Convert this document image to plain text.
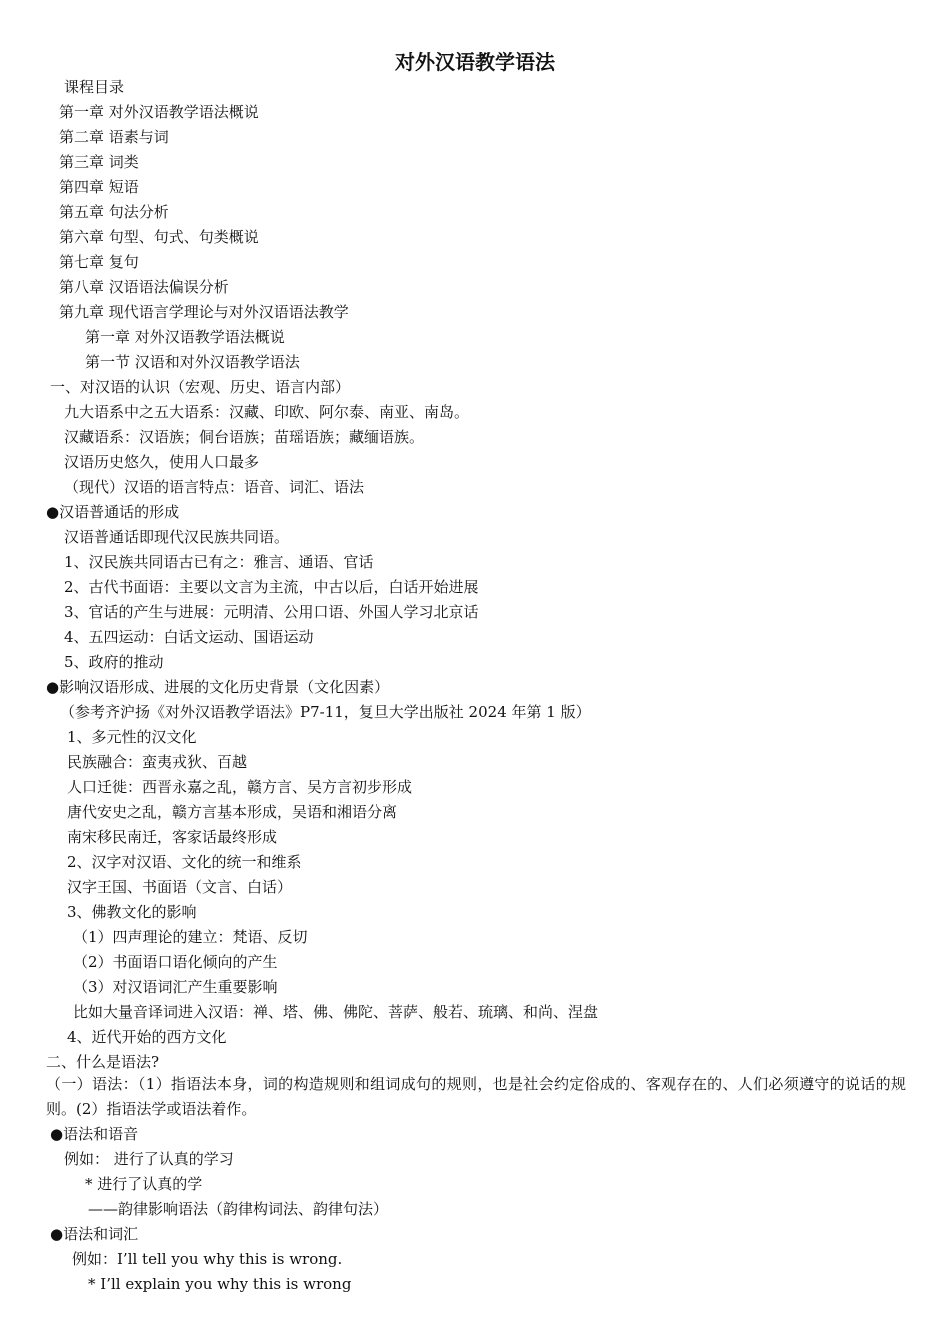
对外汉语教学语法
课程目录
第一章 对外汉语教学语法概说
第二章 语素与词
第三章 词类
第四章 短语
第五章 句法分析
第六章 句型、句式、句类概说
第七章 复句
第八章 汉语语法偏误分析
第九章 现代语言学理论与对外汉语语法教学
第一章 对外汉语教学语法概说
第一节 汉语和对外汉语教学语法
一、对汉语的认识（宏观、历史、语言内部）
九大语系中之五大语系：汉藏、印欧、阿尔泰、南亚、南岛。
汉藏语系：汉语族；侗台语族；苗瑶语族；藏缅语族。
汉语历史悠久，使用人口最多
（现代）汉语的语言特点：语音、词汇、语法
●汉语普通话的形成
汉语普通话即现代汉民族共同语。
1、汉民族共同语古已有之：雅言、通语、官话
2、古代书面语：主要以文言为主流，中古以后，白话开始进展
3、官话的产生与进展：元明清、公用口语、外国人学习北京话
4、五四运动：白话文运动、国语运动
5、政府的推动
●影响汉语形成、进展的文化历史背景（文化因素）
（参考齐沪扬《对外汉语教学语法》P7-11，复旦大学出版社 2024 年第 1 版）
1、多元性的汉文化
民族融合：蛮夷戎狄、百越
人口迁徙：西晋永嘉之乱，赣方言、吴方言初步形成
唐代安史之乱，赣方言基本形成，吴语和湘语分离
南宋移民南迁，客家话最终形成
2、汉字对汉语、文化的统一和维系
汉字王国、书面语（文言、白话）
3、佛教文化的影响
（1）四声理论的建立：梵语、反切
（2）书面语口语化倾向的产生
（3）对汉语词汇产生重要影响
比如大量音译词进入汉语：禅、塔、佛、佛陀、菩萨、般若、琉璃、和尚、涅盘
4、近代开始的西方文化
二、什么是语法?
（一）语法：（1）指语法本身，词的构造规则和组词成句的规则，也是社会约定俗成的、客观存在的、人们必须遵守的说话的规则。(2）指语法学或语法着作。
●语法和语音
例如： 进行了认真的学习
* 进行了认真的学
——韵律影响语法（韵律构词法、韵律句法）
●语法和词汇
例如：I’ll tell you why this is wrong.
* I’ll explain you why this is wrong
